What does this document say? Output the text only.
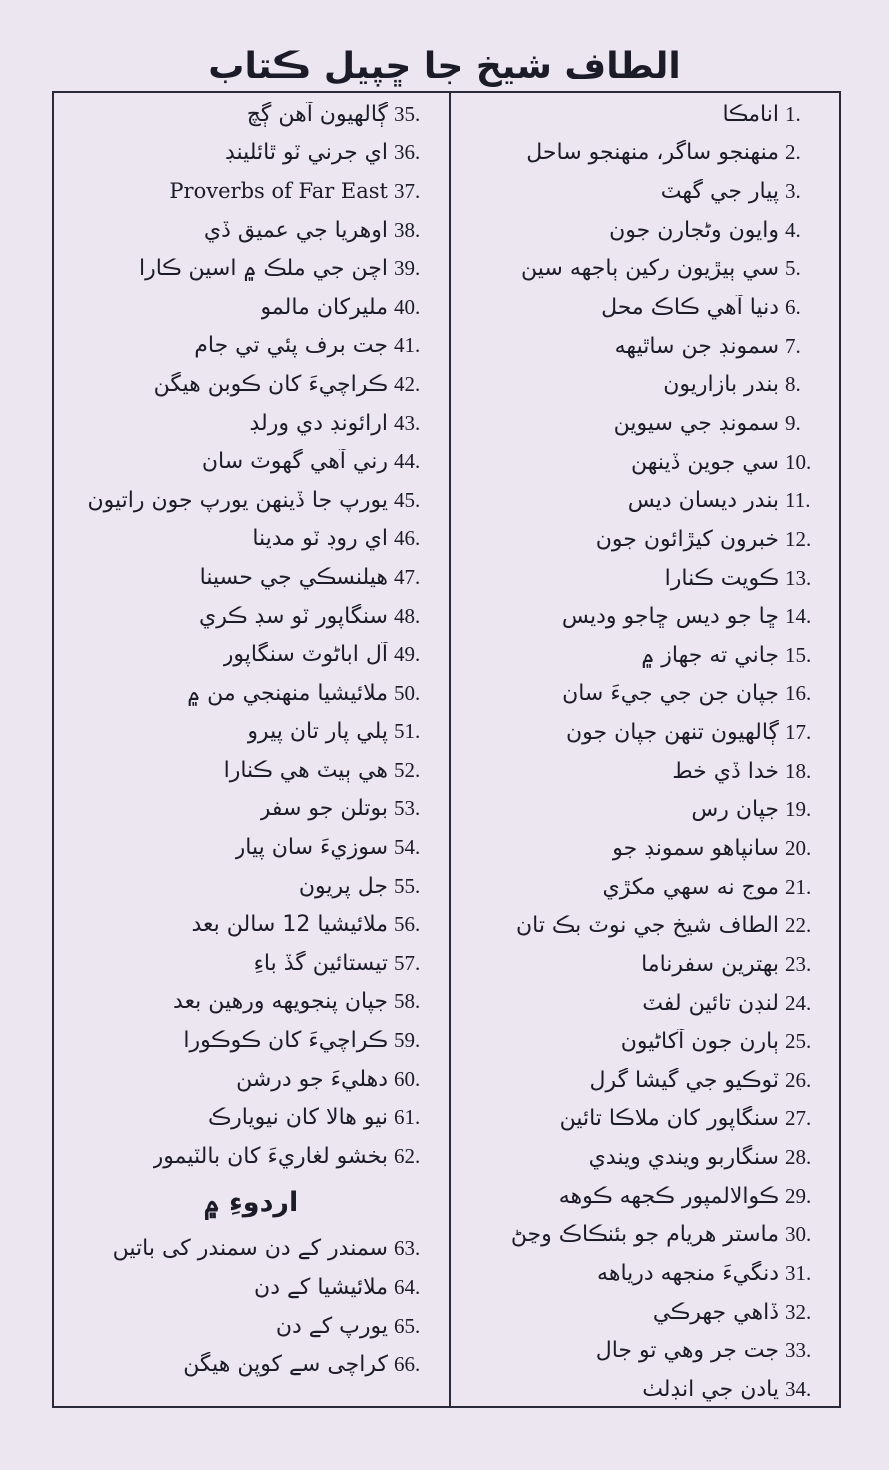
الطاف شيخ جا ڇپيل ڪتاب
انامڪا 1.
منهنجو ساگر، منهنجو ساحل 2.
پيار جي گهٽ 3.
وايون وڻجارن جون 4.
سي ٻيڙيون رکين ٻاجهه سين 5.
دنيا آهي ڪاڪ محل 6.
سمونڊ جن ساٿيهه 7.
بندر بازاريون 8.
سمونڊ جي سيوين 9.
سي جوين ڏينهن 10.
بندر ديسان ديس 11.
خبرون کيڙائون جون 12.
ڪويت ڪنارا 13.
ڇا جو ديس ڇاجو وديس 14.
جاني ته جهاز ۾ 15.
جپان جن جي جيءَ سان 16.
ڳالهيون تنهن جپان جون 17.
خدا ڏي خط 18.
جپان رس 19.
سانپاهو سمونڊ جو 20.
موج نه سهي مکڙي 21.
الطاف شيخ جي نوٽ بڪ تان 22.
بهترين سفرناما 23.
لنڊن تائين لفٽ 24.
ٻارن جون آکاڻيون 25.
ٽوڪيو جي گيشا گرل 26.
سنگاپور کان ملاڪا تائين 27.
سنگاربو ويندي ويندي 28.
ڪوالالمپور ڪجهه ڪوهه 29.
ماستر هريام جو بئنڪاڪ وڃڻ 30.
دنگيءَ منجهه درياهه 31.
ڏاهي جهرڪي 32.
جت جر وهي تو جال 33.
يادن جي انڊلٺ 34.
ڳالهيون آهن ڳچ 35.
اي جرني ٽو ٿائلينڊ 36.
Proverbs of Far East 37.
اوهريا جي عميق ڏي 38.
اچن جي ملڪ ۾ اسين ڪارا 39.
مليرکان مالمو 40.
جت برف پئي تي جام 41.
ڪراچيءَ کان ڪوبن هيگن 42.
ارائونڊ دي ورلڊ 43.
رني آهي گهوٽ سان 44.
يورپ جا ڏينهن يورپ جون راتيون 45.
اي روڊ ٽو مدينا 46.
هيلنسڪي جي حسينا 47.
سنگاپور ٽو سڊ ڪري 48.
آل اباڻوٽ سنگاپور 49.
ملائيشيا منهنجي من ۾ 50.
پلي پار تان پيرو 51.
هي ٻيٽ هي ڪنارا 52.
بوتلن جو سفر 53.
سوزيءَ سان پيار 54.
جل پريون 55.
ملائيشيا 12 سالن بعد 56.
تيستائين گڏ باءِ 57.
جپان پنجويهه ورهين بعد 58.
ڪراچيءَ کان ڪوڪورا 59.
دهليءَ جو درشن 60.
نيو هالا کان نيويارڪ 61.
بخشو لغاريءَ کان بالٽيمور 62.
اردوءِ ۾
سمندر کے دن سمندر کی باتیں 63.
ملائیشیا کے دن 64.
یورپ کے دن 65.
کراچی سے کوپن ھیگن 66.
